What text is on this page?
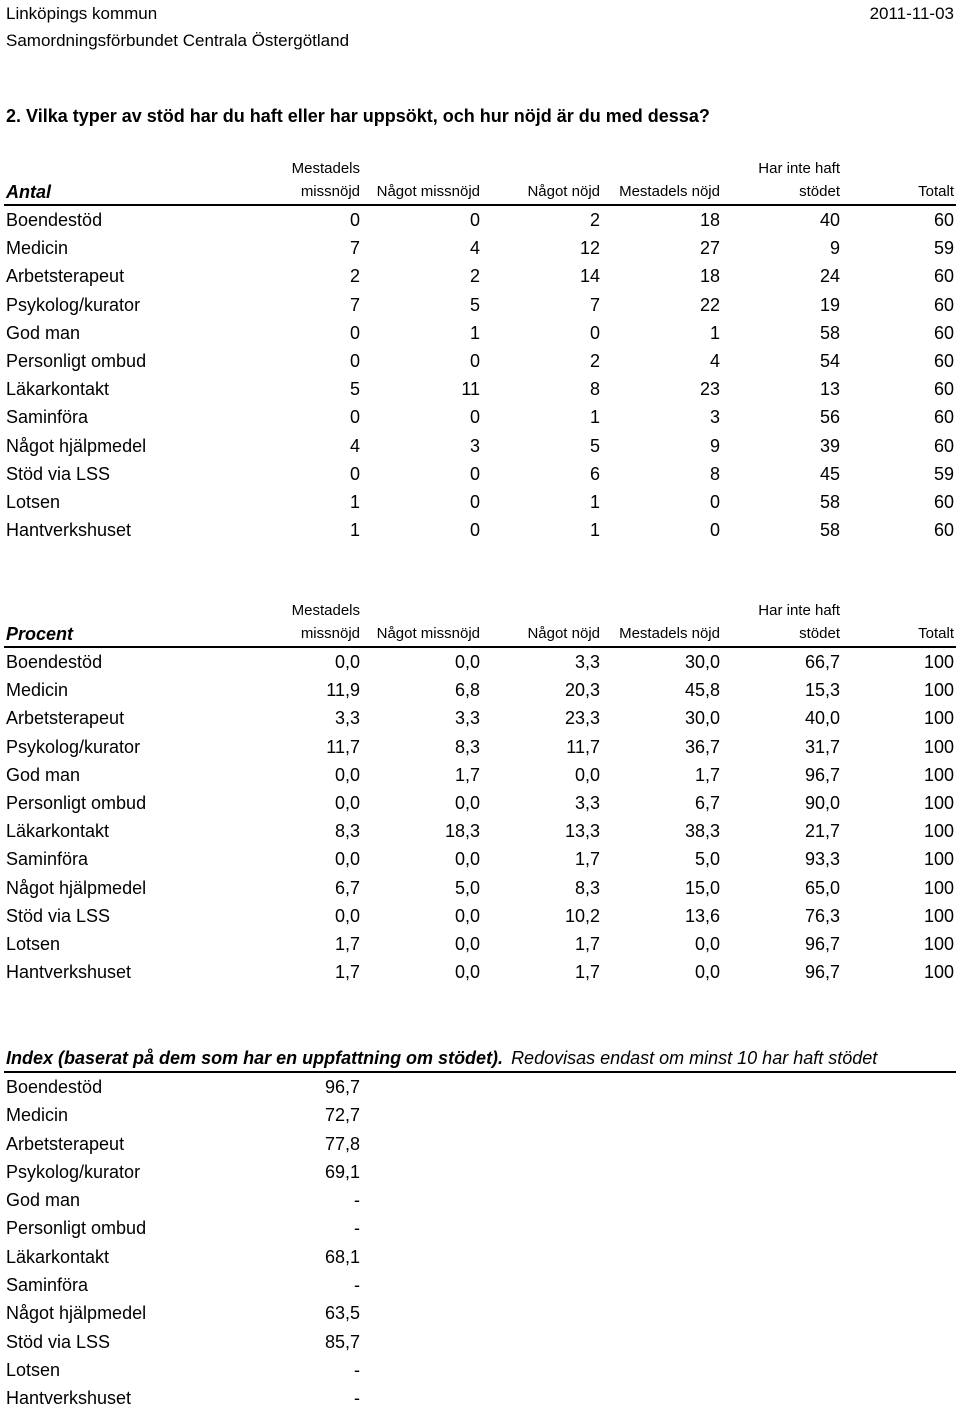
Linköpings kommun
Samordningsförbundet Centrala Östergötland
2011-11-03
2. Vilka typer av stöd har du haft eller har uppsökt, och hur nöjd är du med dessa?
	Mestadels				Har inte haft	
Antal	missnöjd	Något missnöjd	Något nöjd	Mestadels nöjd	stödet	Totalt
Boendestöd	0	0	2	18	40	60
Medicin	7	4	12	27	9	59
Arbetsterapeut	2	2	14	18	24	60
Psykolog/kurator	7	5	7	22	19	60
God man	0	1	0	1	58	60
Personligt ombud	0	0	2	4	54	60
Läkarkontakt	5	11	8	23	13	60
Saminföra	0	0	1	3	56	60
Något hjälpmedel	4	3	5	9	39	60
Stöd via LSS	0	0	6	8	45	59
Lotsen	1	0	1	0	58	60
Hantverkshuset	1	0	1	0	58	60
	Mestadels				Har inte haft	
Procent	missnöjd	Något missnöjd	Något nöjd	Mestadels nöjd	stödet	Totalt
Boendestöd	0,0	0,0	3,3	30,0	66,7	100
Medicin	11,9	6,8	20,3	45,8	15,3	100
Arbetsterapeut	3,3	3,3	23,3	30,0	40,0	100
Psykolog/kurator	11,7	8,3	11,7	36,7	31,7	100
God man	0,0	1,7	0,0	1,7	96,7	100
Personligt ombud	0,0	0,0	3,3	6,7	90,0	100
Läkarkontakt	8,3	18,3	13,3	38,3	21,7	100
Saminföra	0,0	0,0	1,7	5,0	93,3	100
Något hjälpmedel	6,7	5,0	8,3	15,0	65,0	100
Stöd via LSS	0,0	0,0	10,2	13,6	76,3	100
Lotsen	1,7	0,0	1,7	0,0	96,7	100
Hantverkshuset	1,7	0,0	1,7	0,0	96,7	100
Index (baserat på dem som har en uppfattning om stödet). Redovisas endast om minst 10 har haft stödet
Boendestöd	96,7
Medicin	72,7
Arbetsterapeut	77,8
Psykolog/kurator	69,1
God man	-
Personligt ombud	-
Läkarkontakt	68,1
Saminföra	-
Något hjälpmedel	63,5
Stöd via LSS	85,7
Lotsen	-
Hantverkshuset	-
